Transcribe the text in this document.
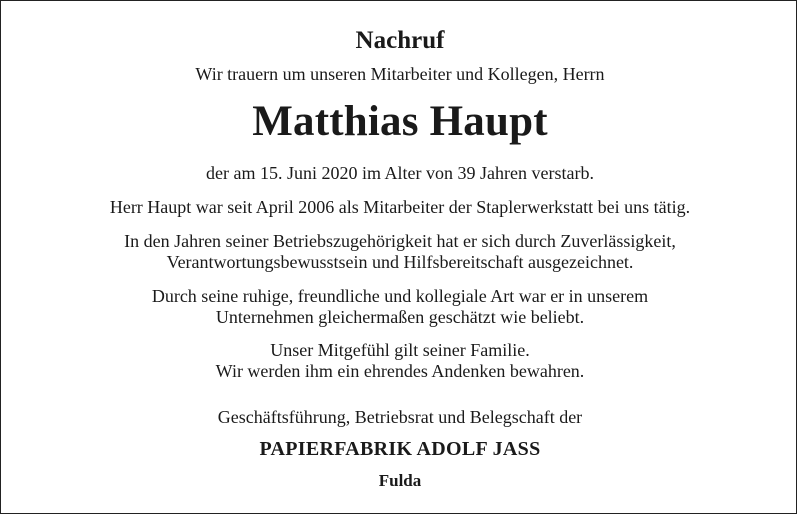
Nachruf

Wir trauern um unseren Mitarbeiter und Kollegen, Herrn

Matthias Haupt

der am 15. Juni 2020 im Alter von 39 Jahren verstarb.

Herr Haupt war seit April 2006 als Mitarbeiter der Staplerwerkstatt bei uns tätig.

In den Jahren seiner Betriebszugehörigkeit hat er sich durch Zuverlässigkeit,

Verantwortungsbewusstsein und Hilfsbereitschaft ausgezeichnet.

Durch seine ruhige, freundliche und kollegiale Art war er in unserem

Unternehmen gleichermaßen geschätzt wie beliebt.

Unser Mitgefühl gilt seiner Familie.

Wir werden ihm ein ehrendes Andenken bewahren.

Geschäftsführung, Betriebsrat und Belegschaft der

PAPIERFABRIK ADOLF JASS

Fulda
